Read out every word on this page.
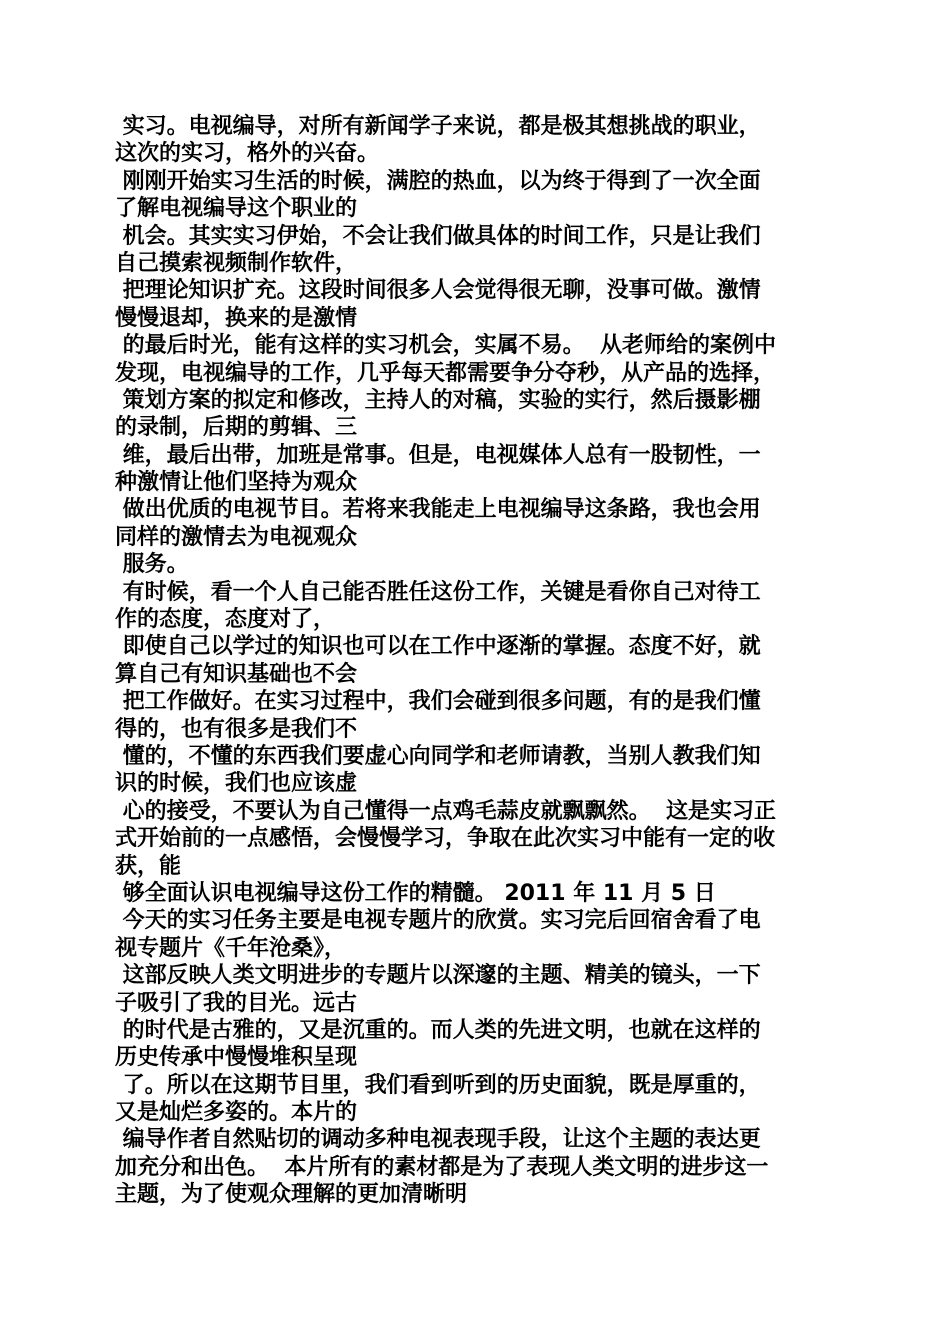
实习。电视编导，对所有新闻学子来说，都是极其想挑战的职业，
这次的实习，格外的兴奋。
刚刚开始实习生活的时候，满腔的热血，以为终于得到了一次全面
了解电视编导这个职业的
机会。其实实习伊始，不会让我们做具体的时间工作，只是让我们
自己摸索视频制作软件，
把理论知识扩充。这段时间很多人会觉得很无聊，没事可做。激情
慢慢退却，换来的是激情
的最后时光，能有这样的实习机会，实属不易。  从老师给的案例中
发现，电视编导的工作，几乎每天都需要争分夺秒，从产品的选择，
策划方案的拟定和修改，主持人的对稿，实验的实行，然后摄影棚
的录制，后期的剪辑、三
维，最后出带，加班是常事。但是，电视媒体人总有一股韧性，一
种激情让他们坚持为观众
做出优质的电视节目。若将来我能走上电视编导这条路，我也会用
同样的激情去为电视观众
服务。
有时候，看一个人自己能否胜任这份工作，关键是看你自己对待工
作的态度，态度对了，
即使自己以学过的知识也可以在工作中逐渐的掌握。态度不好，就
算自己有知识基础也不会
把工作做好。在实习过程中，我们会碰到很多问题，有的是我们懂
得的，也有很多是我们不
懂的，不懂的东西我们要虚心向同学和老师请教，当别人教我们知
识的时候，我们也应该虚
心的接受，不要认为自己懂得一点鸡毛蒜皮就飘飘然。  这是实习正
式开始前的一点感悟，会慢慢学习，争取在此次实习中能有一定的收
获，能
够全面认识电视编导这份工作的精髓。 2011 年 11 月 5 日
今天的实习任务主要是电视专题片的欣赏。实习完后回宿舍看了电
视专题片《千年沧桑》，
这部反映人类文明进步的专题片以深邃的主题、精美的镜头，一下
子吸引了我的目光。远古
的时代是古雅的，又是沉重的。而人类的先进文明，也就在这样的
历史传承中慢慢堆积呈现
了。所以在这期节目里，我们看到听到的历史面貌，既是厚重的，
又是灿烂多姿的。本片的
编导作者自然贴切的调动多种电视表现手段，让这个主题的表达更
加充分和出色。  本片所有的素材都是为了表现人类文明的进步这一
主题，为了使观众理解的更加清晰明
